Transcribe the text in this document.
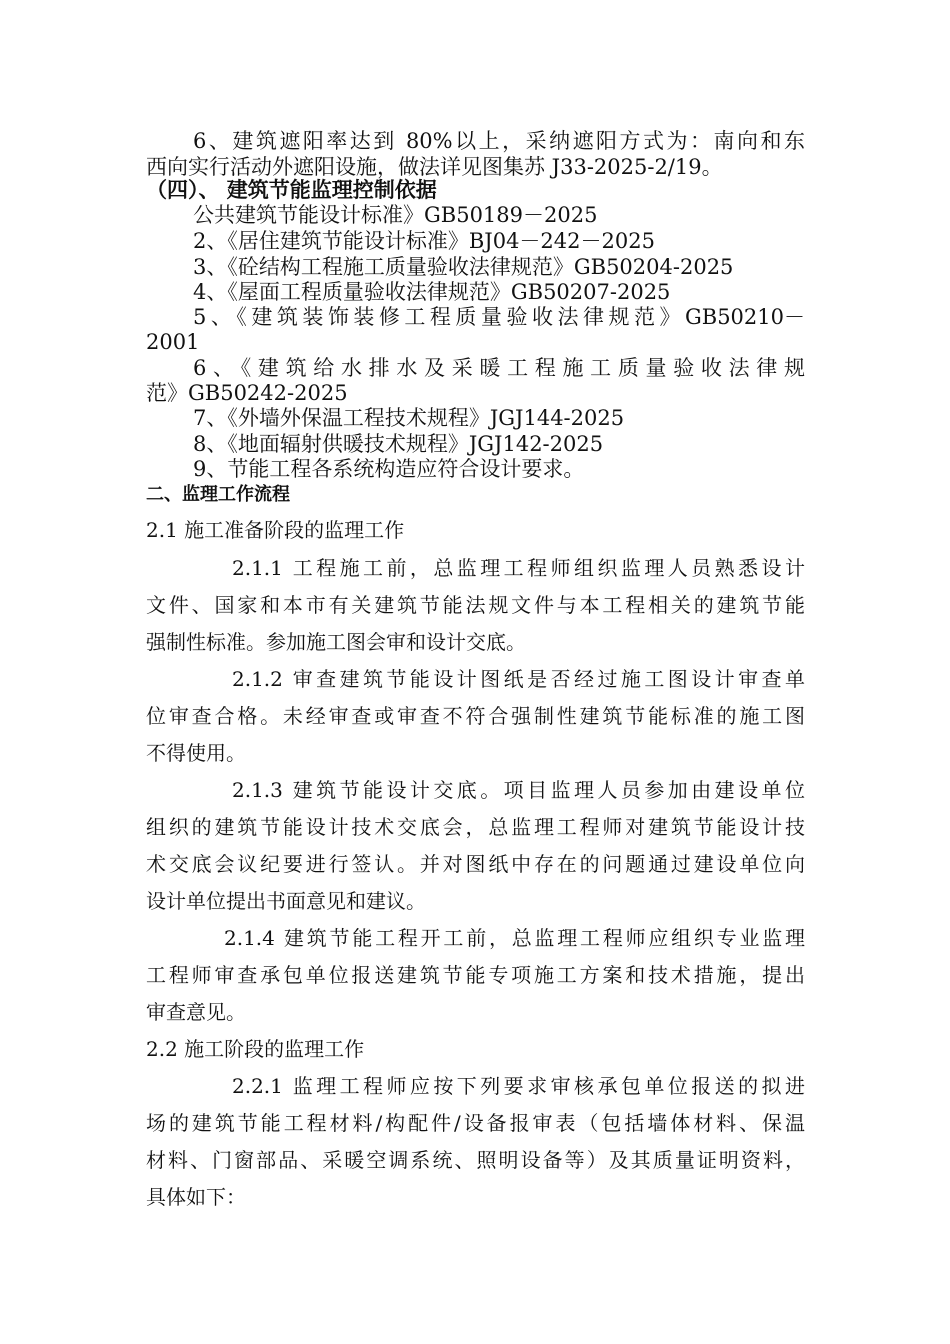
6、建筑遮阳率达到 80%以上，采纳遮阳方式为：南向和东
西向实行活动外遮阳设施，做法详见图集苏 J33-2025-2/19。
（四）、 建筑节能监理控制依据
公共建筑节能设计标准》GB50189－2025
2、《居住建筑节能设计标准》BJ04－242－2025
3、《砼结构工程施工质量验收法律规范》GB50204-2025
4、《屋面工程质量验收法律规范》GB50207-2025
5、《建筑装饰装修工程质量验收法律规范》GB50210－
2001
6、《建筑给水排水及采暖工程施工质量验收法律规
范》GB50242-2025
7、《外墙外保温工程技术规程》JGJ144-2025
8、《地面辐射供暖技术规程》JGJ142-2025
9、节能工程各系统构造应符合设计要求。
二、监理工作流程
2.1 施工准备阶段的监理工作
2.1.1 工程施工前，总监理工程师组织监理人员熟悉设计
文件、国家和本市有关建筑节能法规文件与本工程相关的建筑节能
强制性标准。参加施工图会审和设计交底。
2.1.2 审查建筑节能设计图纸是否经过施工图设计审查单
位审查合格。未经审查或审查不符合强制性建筑节能标准的施工图
不得使用。
2.1.3 建筑节能设计交底。项目监理人员参加由建设单位
组织的建筑节能设计技术交底会，总监理工程师对建筑节能设计技
术交底会议纪要进行签认。并对图纸中存在的问题通过建设单位向
设计单位提出书面意见和建议。
2.1.4 建筑节能工程开工前，总监理工程师应组织专业监理
工程师审查承包单位报送建筑节能专项施工方案和技术措施，提出
审查意见。
2.2 施工阶段的监理工作
2.2.1 监理工程师应按下列要求审核承包单位报送的拟进
场的建筑节能工程材料/构配件/设备报审表（包括墙体材料、保温
材料、门窗部品、采暖空调系统、照明设备等）及其质量证明资料，
具体如下：
